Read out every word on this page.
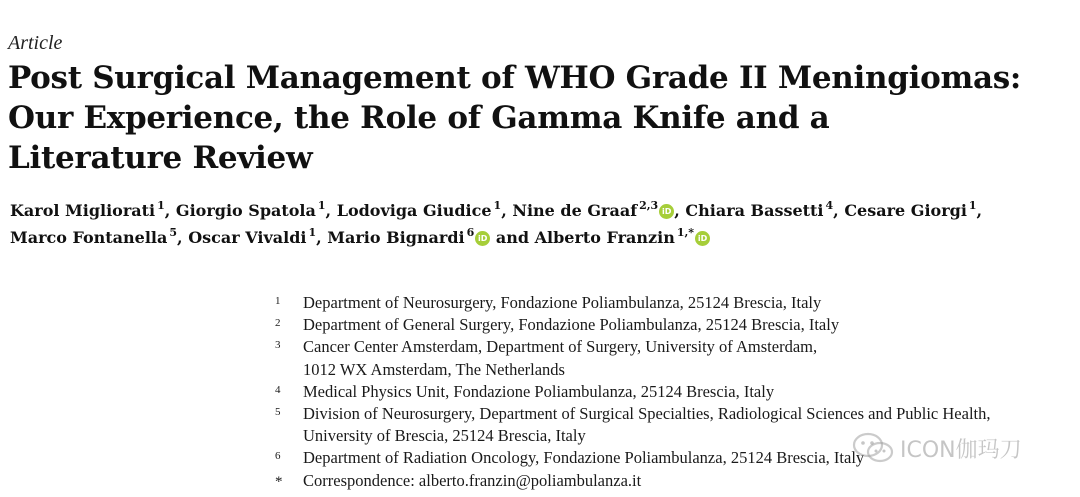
Article
Post Surgical Management of WHO Grade II Meningiomas:
Our Experience, the Role of Gamma Knife and a
Literature Review
Karol Migliorati $^1$, Giorgio Spatola $^1$, Lodoviga Giudice $^1$, Nine de Graaf $^{2,3}$ iD , Chiara Bassetti $^4$, Cesare Giorgi $^1$,
Marco Fontanella $^5$, Oscar Vivaldi $^1$, Mario Bignardi $^6$ iD and Alberto Franzin $^{1,*}$ iD
1	Department of Neurosurgery, Fondazione Poliambulanza, 25124 Brescia, Italy
2	Department of General Surgery, Fondazione Poliambulanza, 25124 Brescia, Italy
3	Cancer Center Amsterdam, Department of Surgery, University of Amsterdam,
1012 WX Amsterdam, The Netherlands
4	Medical Physics Unit, Fondazione Poliambulanza, 25124 Brescia, Italy
5	Division of Neurosurgery, Department of Surgical Specialties, Radiological Sciences and Public Health,
University of Brescia, 25124 Brescia, Italy
6	Department of Radiation Oncology, Fondazione Poliambulanza, 25124 Brescia, Italy
*	Correspondence: alberto.franzin@poliambulanza.it
ICON伽玛刀
